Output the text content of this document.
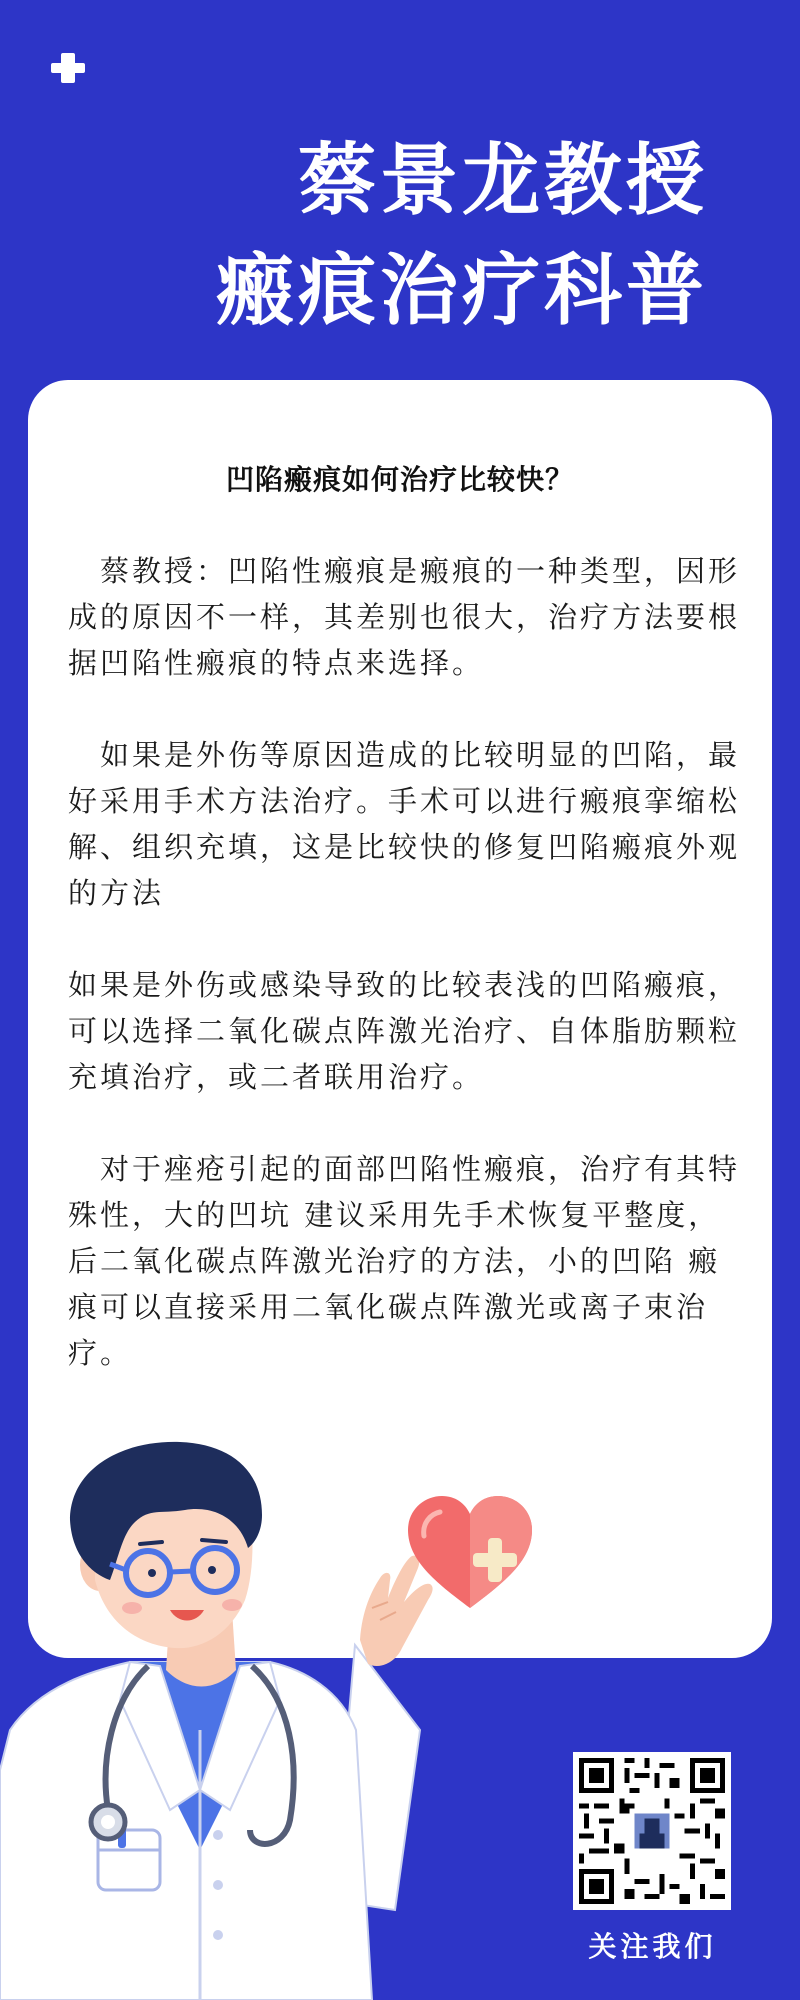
蔡景龙教授
瘢痕治疗科普
凹陷瘢痕如何治疗比较快？

　蔡教授：凹陷性瘢痕是瘢痕的一种类型，因形成的原因不一样，其差别也很大，治疗方法要根据凹陷性瘢痕的特点来选择。

　如果是外伤等原因造成的比较明显的凹陷，最好采用手术方法治疗。手术可以进行瘢痕挛缩松解、组织充填，这是比较快的修复凹陷瘢痕外观的方法

如果是外伤或感染导致的比较表浅的凹陷瘢痕，可以选择二氧化碳点阵激光治疗、自体脂肪颗粒充填治疗，或二者联用治疗。

　对于痤疮引起的面部凹陷性瘢痕，治疗有其特殊性，大的凹坑 建议采用先手术恢复平整度，后二氧化碳点阵激光治疗的方法，小的凹陷 瘢痕可以直接采用二氧化碳点阵激光或离子束治疗。

关注我们
